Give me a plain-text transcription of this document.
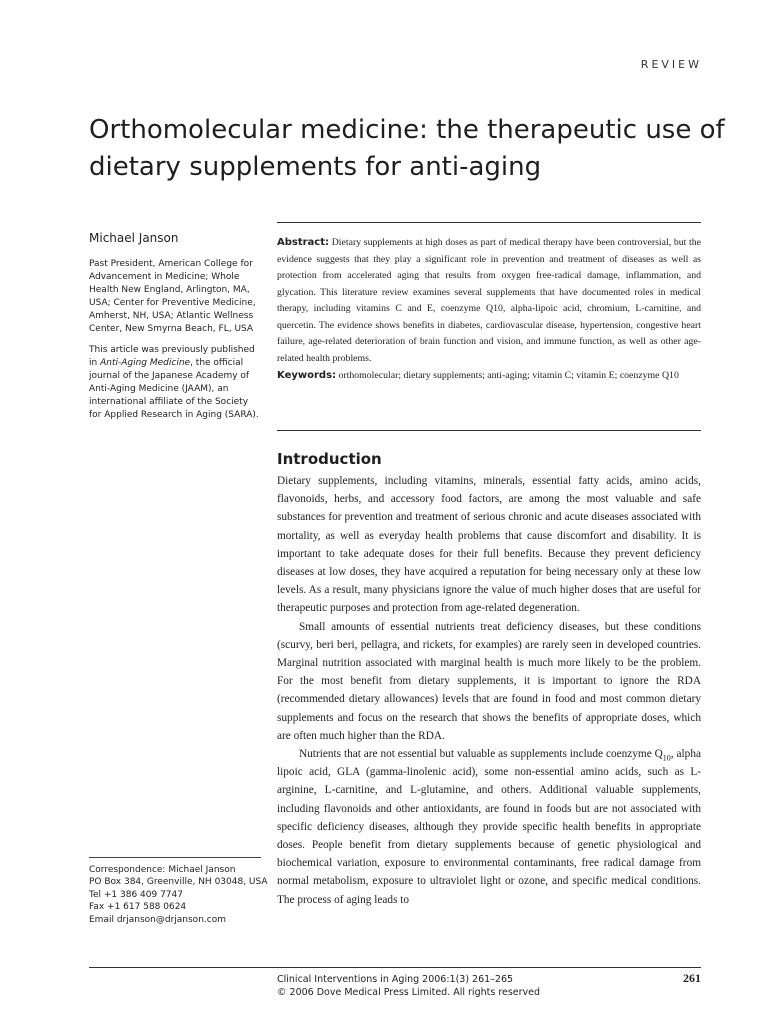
REVIEW
Orthomolecular medicine: the therapeutic use of dietary supplements for anti-aging
Michael Janson
Past President, American College for Advancement in Medicine; Whole Health New England, Arlington, MA, USA; Center for Preventive Medicine, Amherst, NH, USA; Atlantic Wellness Center, New Smyrna Beach, FL, USA
This article was previously published in Anti-Aging Medicine, the official journal of the Japanese Academy of Anti-Aging Medicine (JAAM), an international affiliate of the Society for Applied Research in Aging (SARA).
Abstract: Dietary supplements at high doses as part of medical therapy have been controversial, but the evidence suggests that they play a significant role in prevention and treatment of diseases as well as protection from accelerated aging that results from oxygen free-radical damage, inflammation, and glycation. This literature review examines several supplements that have documented roles in medical therapy, including vitamins C and E, coenzyme Q10, alpha-lipoic acid, chromium, L-carnitine, and quercetin. The evidence shows benefits in diabetes, cardiovascular disease, hypertension, congestive heart failure, age-related deterioration of brain function and vision, and immune function, as well as other age-related health problems.
Keywords: orthomolecular; dietary supplements; anti-aging; vitamin C; vitamin E; coenzyme Q10
Introduction

Dietary supplements, including vitamins, minerals, essential fatty acids, amino acids, flavonoids, herbs, and accessory food factors, are among the most valuable and safe substances for prevention and treatment of serious chronic and acute diseases associated with mortality, as well as everyday health problems that cause discomfort and disability. It is important to take adequate doses for their full benefits. Because they prevent deficiency diseases at low doses, they have acquired a reputation for being necessary only at these low levels. As a result, many physicians ignore the value of much higher doses that are useful for therapeutic purposes and protection from age-related degeneration.

Small amounts of essential nutrients treat deficiency diseases, but these conditions (scurvy, beri beri, pellagra, and rickets, for examples) are rarely seen in developed countries. Marginal nutrition associated with marginal health is much more likely to be the problem. For the most benefit from dietary supplements, it is important to ignore the RDA (recommended dietary allowances) levels that are found in food and most common dietary supplements and focus on the research that shows the benefits of appropriate doses, which are often much higher than the RDA.

Nutrients that are not essential but valuable as supplements include coenzyme $Q_{10}$, alpha lipoic acid, GLA (gamma-linolenic acid), some non-essential amino acids, such as L-arginine, L-carnitine, and L-glutamine, and others. Additional valuable supplements, including flavonoids and other antioxidants, are found in foods but are not associated with specific deficiency diseases, although they provide specific health benefits in appropriate doses. People benefit from dietary supplements because of genetic physiological and biochemical variation, exposure to environmental contaminants, free radical damage from normal metabolism, exposure to ultraviolet light or ozone, and specific medical conditions. The process of aging leads to

Correspondence: Michael Janson
PO Box 384, Greenville, NH 03048, USA
Tel +1 386 409 7747
Fax +1 617 588 0624
Email drjanson@drjanson.com
Clinical Interventions in Aging 2006:1(3) 261–265
© 2006 Dove Medical Press Limited. All rights reserved
261
